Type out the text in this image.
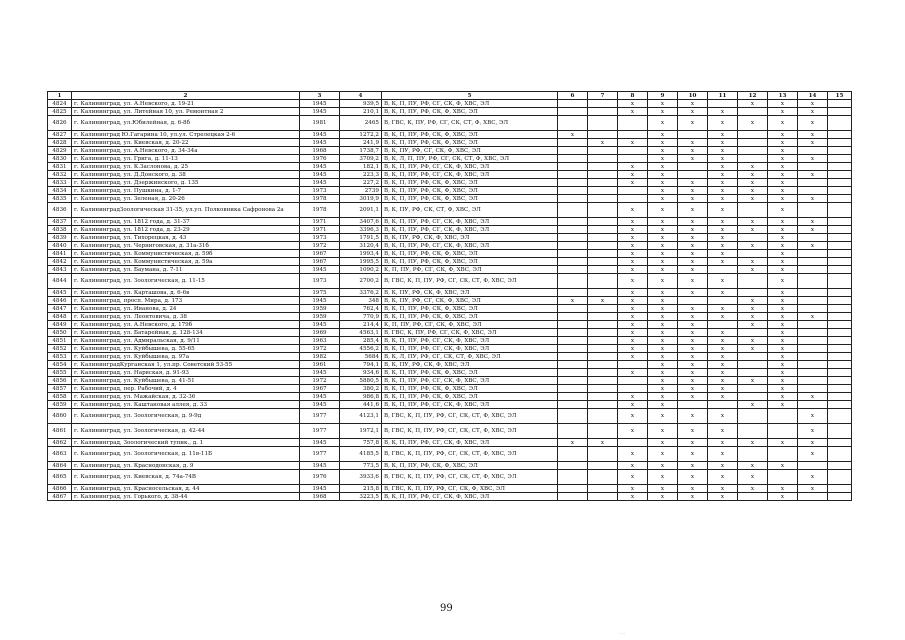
1	2	3	4	5	6	7	8	9	10	11	12	13	14	15
4824	г. Калининград, ул. А.Невского, д. 19-21	1945	939,5	В, К, П, ПУ, РФ, СГ, СК, Ф, ХВС, ЭЛ			x	x	x		x	x	x	
4825	г. Калининград, ул. Литейная 10, ул. Ремонтная 2	1945	210,1	В, К, П, ПУ, РФ, СК, Ф, ХВС, ЭЛ			x	x	x	x		x	x	
4826	г. Калининград, ул.Юбилейная, д. 6-8б	1981	2465	В, ГВС, К, ПУ, РФ, СГ, СК, СТ, Ф, ХВС, ЭЛ				x	x	x	x	x	x	
4827	г. Калининград Ю.Гагарина 10, ул.ул. Стрелецкая 2-6	1945	1272,2	В, К, П, ПУ, РФ, СК, Ф, ХВС, ЭЛ	x			x		x		x	x	
4828	г. Калининград, ул. Киевская, д. 20-22	1945	241,9	В, К, П, ПУ, РФ, СК, Ф, ХВС, ЭЛ		x	x	x	x	x		x	x	
4829	г. Калининград, ул. А.Невского, д. 34-34а	1968	1738,7	В, К, ПУ, РФ, СГ, СК, Ф, ХВС, ЭЛ				x	x	x		x		
4830	г. Калининград, ул. Грига, д. 11-13	1976	3709,2	В, К, Л, П, ПУ, РФ, СГ, СК, СТ, Ф, ХВС, ЭЛ				x	x	x		x	x	
4831	г. Калининград, ул. К.Заслонова, д. 25	1945	182,1	В, К, П, ПУ, РФ, СГ, СК, Ф, ХВС, ЭЛ			x	x		x	x	x		
4832	г. Калининград, ул. Д.Донского, д. 38	1945	223,3	В, К, П, ПУ, РФ, СГ, СК, Ф, ХВС, ЭЛ			x	x		x	x	x	x	
4833	г. Калининград, ул. Дзержинского, д. 135	1945	227,2	В, К, П, ПУ, РФ, СК, Ф, ХВС, ЭЛ			x	x	x	x	x	x		
4834	г. Калининград, ул. Пушкина, д. 1-7	1973	2739	В, К, П, ПУ, РФ, СК, Ф, ХВС, ЭЛ				x	x	x	x	x		
4835	г. Калининград, ул. Зеленая, д. 20-26	1978	3019,9	В, К, П, ПУ, РФ, СК, Ф, ХВС, ЭЛ				x	x	x	x	x	x	
4836	г. КалининградЗоологическая 31-35, ул.ул. Полковника Сафронова 2а	1978	2091,1	В, К, ПУ, РФ, СК, СТ, Ф, ХВС, ЭЛ			x	x	x	x		x		
4837	г. Калининград, ул. 1812 года, д. 31-37	1971	3407,6	В, К, П, ПУ, РФ, СГ, СК, Ф, ХВС, ЭЛ			x	x	x	x	x	x	x	
4838	г. Калининград, ул. 1812 года, д. 23-29	1971	3396,3	В, К, П, ПУ, РФ, СГ, СК, Ф, ХВС, ЭЛ			x	x	x	x	x	x	x	
4839	г. Калининград, ул. Тихорецкая, д. 43	1973	1791,5	В, К, ПУ, РФ, СК, Ф, ХВС, ЭЛ			x	x	x	x		x		
4840	г. Калининград, ул. Черниговская, д. 31а-31б	1972	3120,4	В, К, П, ПУ, РФ, СГ, СК, Ф, ХВС, ЭЛ			x	x	x	x	x	x	x	
4841	г. Калининград, ул. Коммунистическая, д. 59б	1967	1993,4	В, К, П, ПУ, РФ, СК, Ф, ХВС, ЭЛ			x	x	x	x		x		
4842	г. Калининград, ул. Коммунистическая, д. 59а	1967	1995,5	В, К, П, ПУ, РФ, СК, Ф, ХВС, ЭЛ			x	x	x	x	x	x		
4843	г. Калининград, ул. Баумана, д. 7-11	1945	1090,2	К, П, ПУ, РФ, СГ, СК, Ф, ХВС, ЭЛ			x	x	x		x	x		
4844	г. Калининград, ул. Зоологическая, д. 11-15	1973	2700,2	В, ГВС, К, П, ПУ, РФ, СГ, СК, СТ, Ф, ХВС, ЭЛ			x	x	x	x		x		
4845	г. Калининград, ул. Карташова, д. 6-6в	1975	3376,2	В, К, ПУ, РФ, СК, Ф, ХВС, ЭЛ			x	x	x	x		x		
4846	г. Калининград, просп. Мира, д. 173	1945	348	В, К, ПУ, РФ, СГ, СК, Ф, ХВС, ЭЛ	x	x	x	x			x	x		
4847	г. Калининград, ул. Иванова, д. 24	1959	762,4	В, К, П, ПУ, РФ, СК, Ф, ХВС, ЭЛ			x	x	x	x	x	x		
4848	г. Калининград, ул. Леонтовича, д. 38	1959	770,9	В, К, П, ПУ, РФ, СК, Ф, ХВС, ЭЛ			x	x	x	x	x	x	x	
4849	г. Калининград, ул. А.Невского, д. 179б	1945	214,4	К, П, ПУ, РФ, СГ, СК, Ф, ХВС, ЭЛ			x	x	x		x	x		
4850	г. Калининград, ул. Батарейная, д. 128-134	1969	4563,1	В, ГВС, К, ПУ, РФ, СГ, СК, Ф, ХВС, ЭЛ			x	x	x	x		x		
4851	г. Калининград, ул. Адмиральская, д. 9/11	1963	285,4	В, К, П, ПУ, РФ, СГ, СК, Ф, ХВС, ЭЛ			x	x	x	x	x	x		
4852	г. Калининград, ул. Куйбышева, д. 55-65	1972	4556,2	В, К, П, ПУ, РФ, СГ, СК, Ф, ХВС, ЭЛ			x	x	x	x	x	x		
4853	г. Калининград, ул. Куйбышева, д. 97а	1982	5684	В, К, Л, ПУ, РФ, СГ, СК, СТ, Ф, ХВС, ЭЛ			x	x	x	x		x		
4854	г. КалининградКурганская 1, ул.пр. Советский 53-55	1961	794,1	В, К, ПУ, РФ, СК, Ф, ХВС, ЭЛ				x	x	x		x		
4855	г. Калининград, ул. Нарвская, д. 91-93	1945	934,6	В, К, П, ПУ, РФ, СК, Ф, ХВС, ЭЛ			x	x	x	x		x		
4856	г. Калининград, ул. Куйбышева, д. 41-51	1972	5880,5	В, К, П, ПУ, РФ, СГ, СК, Ф, ХВС, ЭЛ				x	x	x	x	x		
4857	г. Калининград, пер. Рабочий, д. 4	1967	380,2	В, К, П, ПУ, РФ, СК, Ф, ХВС, ЭЛ				x	x	x		x		
4858	г. Калининград, ул. Мажайская, д. 32-36	1945	986,8	В, К, П, ПУ, РФ, СК, Ф, ХВС, ЭЛ			x	x	x	x		x	x	
4859	г. Калининград, ул. Каштановая аллея, д. 33	1945	441,6	В, К, П, ПУ, РФ, СГ, СК, Ф, ХВС, ЭЛ			x	x			x	x		
4860	г. Калининград, ул. Зоологическая, д. 9-9д	1977	4123,1	В, ГВС, К, П, ПУ, РФ, СГ, СК, СТ, Ф, ХВС, ЭЛ			x	x	x	x			x	
4861	г. Калининград, ул. Зоологическая, д. 42-44	1977	1972,1	В, ГВС, К, П, ПУ, РФ, СГ, СК, СТ, Ф, ХВС, ЭЛ			x	x	x	x			x	
4862	г. Калининград, Зоологический тупик., д. 1	1945	757,8	В, К, П, ПУ, РФ, СГ, СК, Ф, ХВС, ЭЛ	x	x		x	x	x	x	x	x	
4863	г. Калининград, ул. Зоологическая, д. 11в-11Б	1977	4185,5	В, ГВС, К, П, ПУ, РФ, СГ, СК, СТ, Ф, ХВС, ЭЛ			x	x	x	x			x	
4864	г. Калининград, ул. Краснодонская, д. 9	1945	773,5	В, К, П, ПУ, РФ, СК, Ф, ХВС, ЭЛ			x	x	x	x	x	x		
4865	г. Калининград, ул. Киевская, д. 74а-74В	1976	3933,6	В, ГВС, К, П, ПУ, РФ, СГ, СК, СТ, Ф, ХВС, ЭЛ			x	x	x	x	x		x	
4866	г. Калининград, ул. Красносельская, д. 44	1945	215,8	В, ГВС, К, П, ПУ, РФ, СГ, СК, Ф, ХВС, ЭЛ			x	x	x	x	x	x	x	
4867	г. Калининград, ул. Горького, д. 38-44	1968	3223,5	В, К, П, ПУ, РФ, СГ, СК, Ф, ХВС, ЭЛ			x	x	x	x		x		
99
- -
